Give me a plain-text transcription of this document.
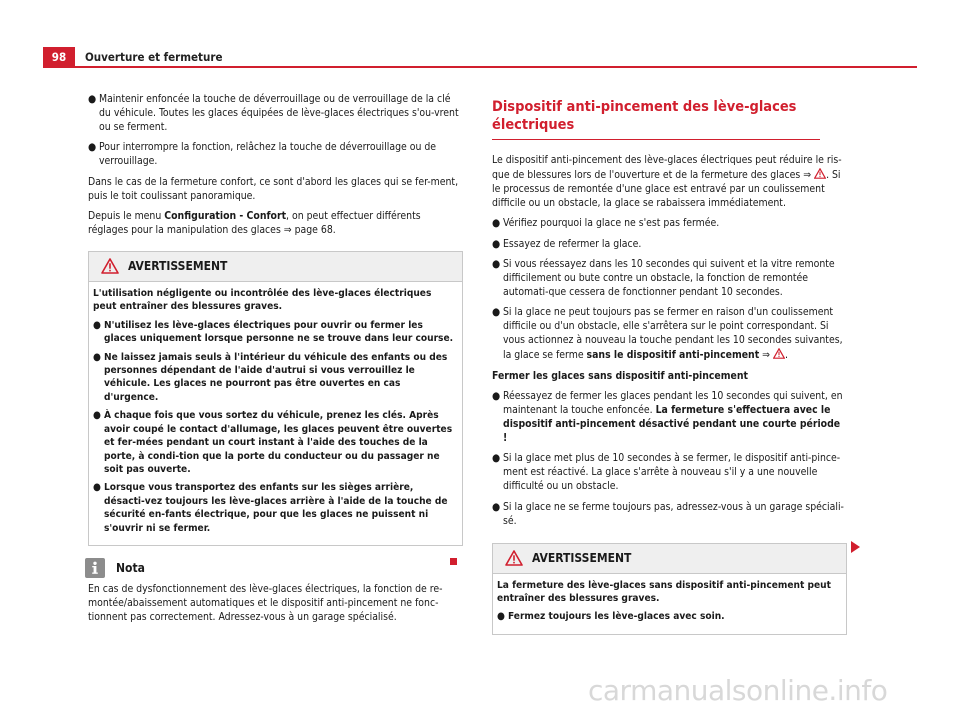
98	Ouverture et fermeture
● Maintenir enfoncée la touche de déverrouillage ou de verrouillage de la clé du véhicule. Toutes les glaces équipées de lève-glaces électriques s'ou-vrent ou se ferment.
● Pour interrompre la fonction, relâchez la touche de déverrouillage ou de verrouillage.

Dans le cas de la fermeture confort, ce sont d'abord les glaces qui se fer-ment, puis le toit coulissant panoramique.

Depuis le menu Configuration - Confort, on peut effectuer différents réglages pour la manipulation des glaces ⇒ page 68.

AVERTISSEMENT

L'utilisation négligente ou incontrôlée des lève-glaces électriques peut entraîner des blessures graves.

● N'utilisez les lève-glaces électriques pour ouvrir ou fermer les glaces uniquement lorsque personne ne se trouve dans leur course.
● Ne laissez jamais seuls à l'intérieur du véhicule des enfants ou des personnes dépendant de l'aide d'autrui si vous verrouillez le véhicule. Les glaces ne pourront pas être ouvertes en cas d'urgence.
● À chaque fois que vous sortez du véhicule, prenez les clés. Après avoir coupé le contact d'allumage, les glaces peuvent être ouvertes et fer-mées pendant un court instant à l'aide des touches de la porte, à condi-tion que la porte du conducteur ou du passager ne soit pas ouverte.
● Lorsque vous transportez des enfants sur les sièges arrière, désacti-vez toujours les lève-glaces arrière à l'aide de la touche de sécurité en-fants électrique, pour que les glaces ne puissent ni s'ouvrir ni se fermer.
Nota

En cas de dysfonctionnement des lève-glaces électriques, la fonction de re-montée/abaissement automatiques et le dispositif anti-pincement ne fonc-tionnent pas correctement. Adressez-vous à un garage spécialisé.

Dispositif anti-pincement des lève-glaces électriques

Le dispositif anti-pincement des lève-glaces électriques peut réduire le ris-que de blessures lors de l'ouverture et de la fermeture des glaces ⇒ . Si le processus de remontée d'une glace est entravé par un coulissement difficile ou un obstacle, la glace se rabaissera immédiatement.

● Vérifiez pourquoi la glace ne s'est pas fermée.
● Essayez de refermer la glace.
● Si vous réessayez dans les 10 secondes qui suivent et la vitre remonte difficilement ou bute contre un obstacle, la fonction de remontée automati-que cessera de fonctionner pendant 10 secondes.
● Si la glace ne peut toujours pas se fermer en raison d'un coulissement difficile ou d'un obstacle, elle s'arrêtera sur le point correspondant. Si vous actionnez à nouveau la touche pendant les 10 secondes suivantes, la glace se ferme sans le dispositif anti-pincement ⇒ .

Fermer les glaces sans dispositif anti-pincement

● Réessayez de fermer les glaces pendant les 10 secondes qui suivent, en maintenant la touche enfoncée. La fermeture s'effectuera avec le dispositif anti-pincement désactivé pendant une courte période !
● Si la glace met plus de 10 secondes à se fermer, le dispositif anti-pince-ment est réactivé. La glace s'arrête à nouveau s'il y a une nouvelle difficulté ou un obstacle.
● Si la glace ne se ferme toujours pas, adressez-vous à un garage spéciali-sé.
AVERTISSEMENT

La fermeture des lève-glaces sans dispositif anti-pincement peut entraîner des blessures graves.

● Fermez toujours les lève-glaces avec soin.
carmanualsonline.info
